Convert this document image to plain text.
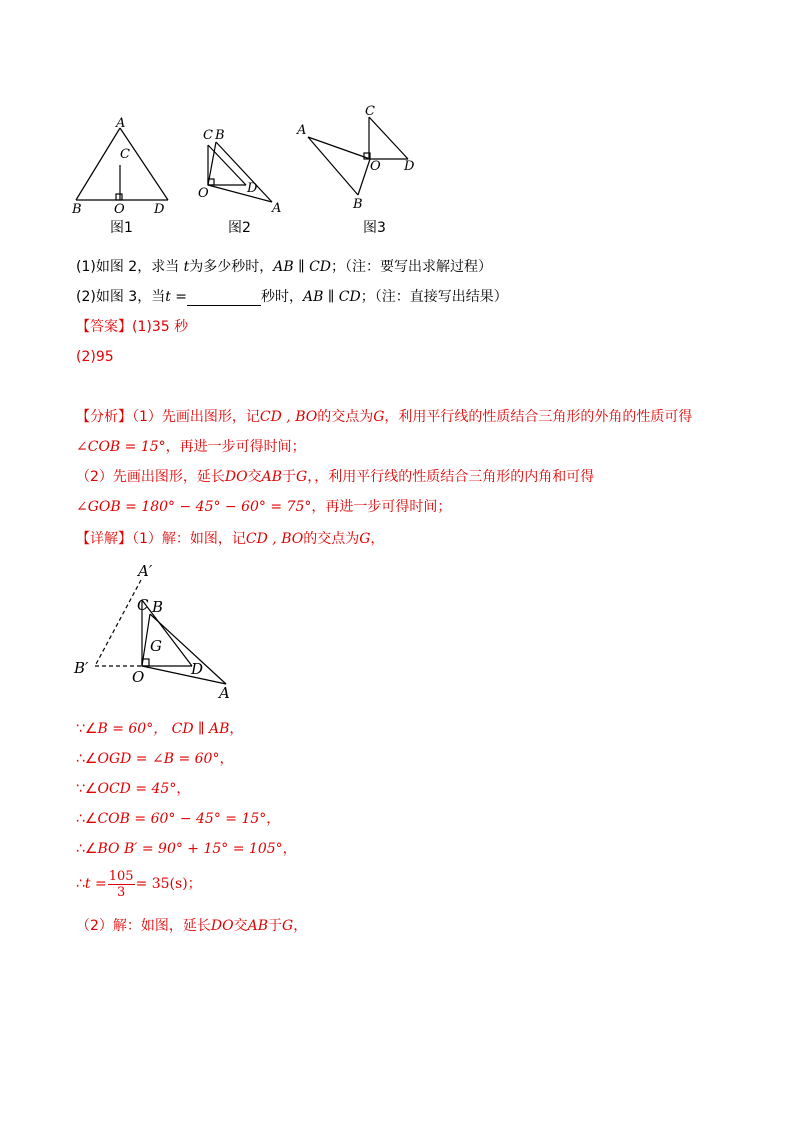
A
C
B O D
图1
C B
O	D
A
图2
A
C
O D
B
图3
(1)如图 2，求当 t为多少秒时，AB ∥ CD；（注：要写出求解过程）
(2)如图 3，当t =	秒时，AB ∥ CD；（注：直接写出结果）
【答案】(1)35 秒
(2)95
【分析】（1）先画出图形，记CD , BO的交点为G，利用平行线的性质结合三角形的外角的性质可得
∠COB = 15°，再进一步可得时间；
（2）先画出图形，延长DO交AB于G，，利用平行线的性质结合三角形的内角和可得
∠GOB = 180° − 45° − 60° = 75°，再进一步可得时间；
【详解】（1）解：如图，记CD , BO的交点为G，
A′
C B
G
B′	O	D
A
∵∠B = 60°， CD ∥ AB，
∴∠OGD = ∠B = 60°，
∵∠OCD = 45°，
∴∠COB = 60° − 45° = 15°，
∴∠BO B′ = 90° + 15° = 105°，
∴t = $\frac{105}{3} = 35(s)$；
（2）解：如图，延长DO交AB于G，
